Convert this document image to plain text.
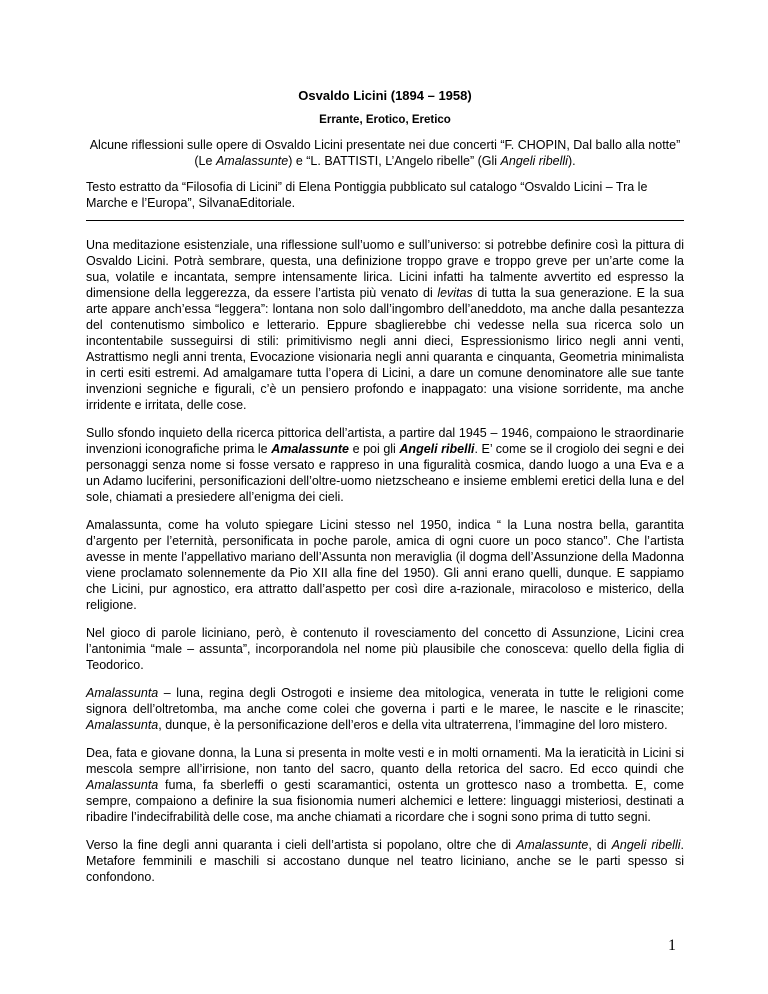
Osvaldo Licini (1894 – 1958)

Errante, Erotico, Eretico

Alcune riflessioni sulle opere di Osvaldo Licini presentate nei due concerti “F. CHOPIN, Dal ballo alla notte” (Le Amalassunte) e “L. BATTISTI, L’Angelo ribelle” (Gli Angeli ribelli).

Testo estratto da “Filosofia di Licini” di Elena Pontiggia pubblicato sul catalogo “Osvaldo Licini – Tra le Marche e l’Europa”, SilvanaEditoriale.

Una meditazione esistenziale, una riflessione sull’uomo e sull’universo: si potrebbe definire così la pittura di Osvaldo Licini. Potrà sembrare, questa, una definizione troppo grave e troppo greve per un’arte come la sua, volatile e incantata, sempre intensamente lirica. Licini infatti ha talmente avvertito ed espresso la dimensione della leggerezza, da essere l’artista più venato di levitas di tutta la sua generazione. E la sua arte appare anch’essa “leggera”: lontana non solo dall’ingombro dell’aneddoto, ma anche dalla pesantezza del contenutismo simbolico e letterario. Eppure sbaglierebbe chi vedesse nella sua ricerca solo un incontentabile susseguirsi di stili: primitivismo negli anni dieci, Espressionismo lirico negli anni venti, Astrattismo negli anni trenta, Evocazione visionaria negli anni quaranta e cinquanta, Geometria minimalista in certi esiti estremi. Ad amalgamare tutta l’opera di Licini, a dare un comune denominatore alle sue tante invenzioni segniche e figurali, c’è un pensiero profondo e inappagato: una visione sorridente, ma anche irridente e irritata, delle cose.

Sullo sfondo inquieto della ricerca pittorica dell’artista, a partire dal 1945 – 1946, compaiono le straordinarie invenzioni iconografiche prima le Amalassunte e poi gli Angeli ribelli. E’ come se il crogiolo dei segni e dei personaggi senza nome si fosse versato e rappreso in una figuralità cosmica, dando luogo a una Eva e a un Adamo luciferini, personificazioni dell’oltre-uomo nietzscheano e insieme emblemi eretici della luna e del sole, chiamati a presiedere all’enigma dei cieli.

Amalassunta, come ha voluto spiegare Licini stesso nel 1950, indica “ la Luna nostra bella, garantita d’argento per l’eternità, personificata in poche parole, amica di ogni cuore un poco stanco”. Che l’artista avesse in mente l’appellativo mariano dell’Assunta non meraviglia (il dogma dell’Assunzione della Madonna viene proclamato solennemente da Pio XII alla fine del 1950). Gli anni erano quelli, dunque. E sappiamo che Licini, pur agnostico, era attratto dall’aspetto per così dire a-razionale, miracoloso e misterico, della religione.

Nel gioco di parole liciniano, però, è contenuto il rovesciamento del concetto di Assunzione, Licini crea l’antonimia “male – assunta”, incorporandola nel nome più plausibile che conosceva: quello della figlia di Teodorico.

Amalassunta – luna, regina degli Ostrogoti e insieme dea mitologica, venerata in tutte le religioni come signora dell’oltretomba, ma anche come colei che governa i parti e le maree, le nascite e le rinascite; Amalassunta, dunque, è la personificazione dell’eros e della vita ultraterrena, l’immagine del loro mistero.

Dea, fata e giovane donna, la Luna si presenta in molte vesti e in molti ornamenti. Ma la ieraticità in Licini si mescola sempre all’irrisione, non tanto del sacro, quanto della retorica del sacro. Ed ecco quindi che Amalassunta fuma, fa sberleffi o gesti scaramantici, ostenta un grottesco naso a trombetta. E, come sempre, compaiono a definire la sua fisionomia numeri alchemici e lettere: linguaggi misteriosi, destinati a ribadire l’indecifrabilità delle cose, ma anche chiamati a ricordare che i sogni sono prima di tutto segni.

Verso la fine degli anni quaranta i cieli dell’artista si popolano, oltre che di Amalassunte, di Angeli ribelli. Metafore femminili e maschili si accostano dunque nel teatro liciniano, anche se le parti spesso si confondono.

1
